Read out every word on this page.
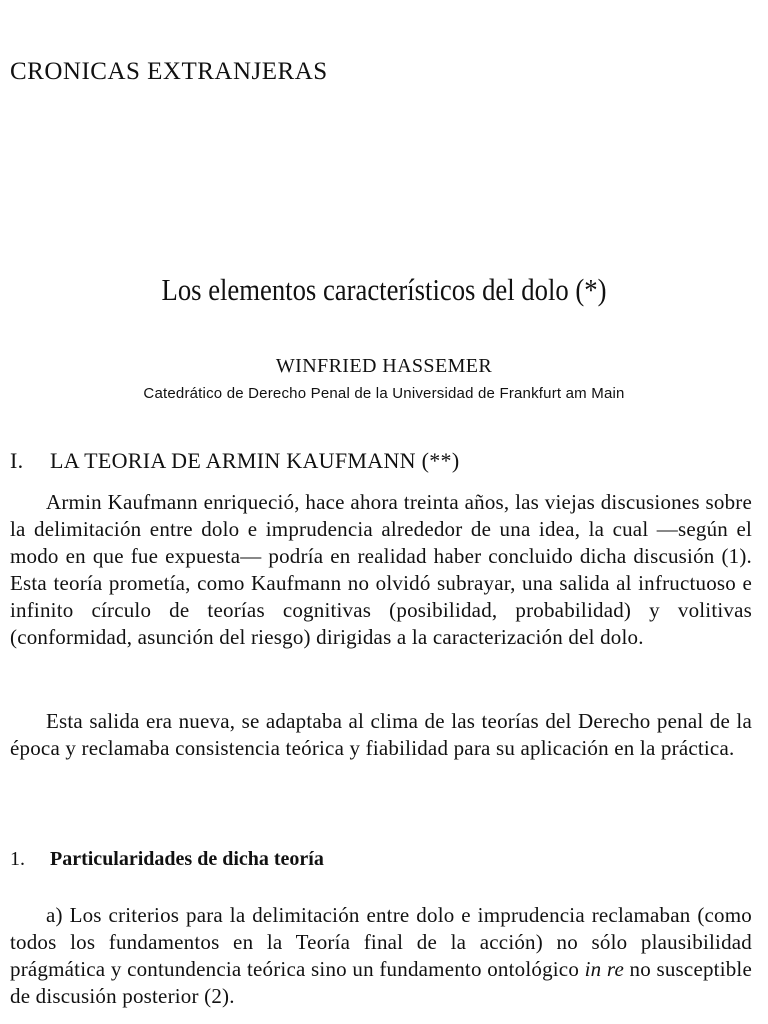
CRONICAS EXTRANJERAS

Los elementos característicos del dolo (*)

WINFRIED HASSEMER

Catedrático de Derecho Penal de la Universidad de Frankfurt am Main

I. LA TEORIA DE ARMIN KAUFMANN (**)

Armin Kaufmann enriqueció, hace ahora treinta años, las viejas discusiones sobre la delimitación entre dolo e imprudencia alrededor de una idea, la cual —según el modo en que fue expuesta— podría en realidad haber concluido dicha discusión (1). Esta teoría prometía, como Kaufmann no olvidó subrayar, una salida al infructuoso e infinito círculo de teorías cognitivas (posibilidad, probabilidad) y volitivas (conformidad, asunción del riesgo) dirigidas a la caracterización del dolo.

Esta salida era nueva, se adaptaba al clima de las teorías del Derecho penal de la época y reclamaba consistencia teórica y fiabilidad para su aplicación en la práctica.

1. Particularidades de dicha teoría

a) Los criterios para la delimitación entre dolo e imprudencia reclamaban (como todos los fundamentos en la Teoría final de la acción) no sólo plausibilidad prágmática y contundencia teórica sino un fundamento ontológico in re no susceptible de discusión posterior (2).
